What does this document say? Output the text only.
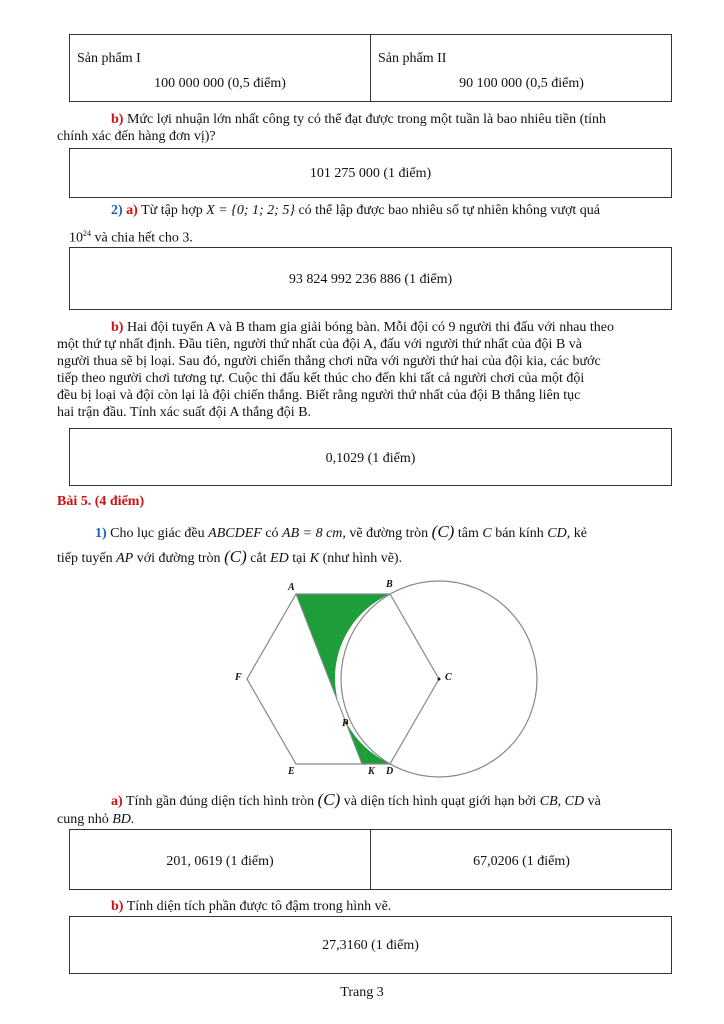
Sản phẩm I
100 000 000 (0,5 điểm)
Sản phẩm II
90 100 000 (0,5 điểm)
b) Mức lợi nhuận lớn nhất công ty có thể đạt được trong một tuần là bao nhiêu tiền (tính
chính xác đến hàng đơn vị)?
101 275 000 (1 điểm)
2) a) Từ tập hợp X = {0; 1; 2; 5} có thể lập được bao nhiêu số tự nhiên không vượt quá
$10^{24}$ và chia hết cho 3.
93 824 992 236 886 (1 điểm)
b) Hai đội tuyển A và B tham gia giải bóng bàn. Mỗi đội có 9 người thi đấu với nhau theo
một thứ tự nhất định. Đầu tiên, người thứ nhất của đội A, đấu với người thứ nhất của đội B và
người thua sẽ bị loại. Sau đó, người chiến thắng chơi nữa với người thứ hai của đội kia, các bước
tiếp theo người chơi tương tự. Cuộc thi đấu kết thúc cho đến khi tất cả người chơi của một đội
đều bị loại và đội còn lại là đội chiến thắng. Biết rằng người thứ nhất của đội B thắng liên tục
hai trận đầu. Tính xác suất đội A thắng đội B.
0,1029 (1 điểm)
Bài 5. (4 điểm)
1) Cho lục giác đều ABCDEF có AB = 8 cm, vẽ đường tròn (C) tâm C bán kính CD, kẻ
tiếp tuyến AP với đường tròn (C) cắt ED tại K (như hình vẽ).
A	B
C
D
E
F
P
K
a) Tính gần đúng diện tích hình tròn (C) và diện tích hình quạt giới hạn bởi CB, CD và
cung nhỏ BD.
201, 0619 (1 điểm)	67,0206 (1 điểm)
b) Tính diện tích phần được tô đậm trong hình vẽ.
27,3160 (1 điểm)
Trang 3
